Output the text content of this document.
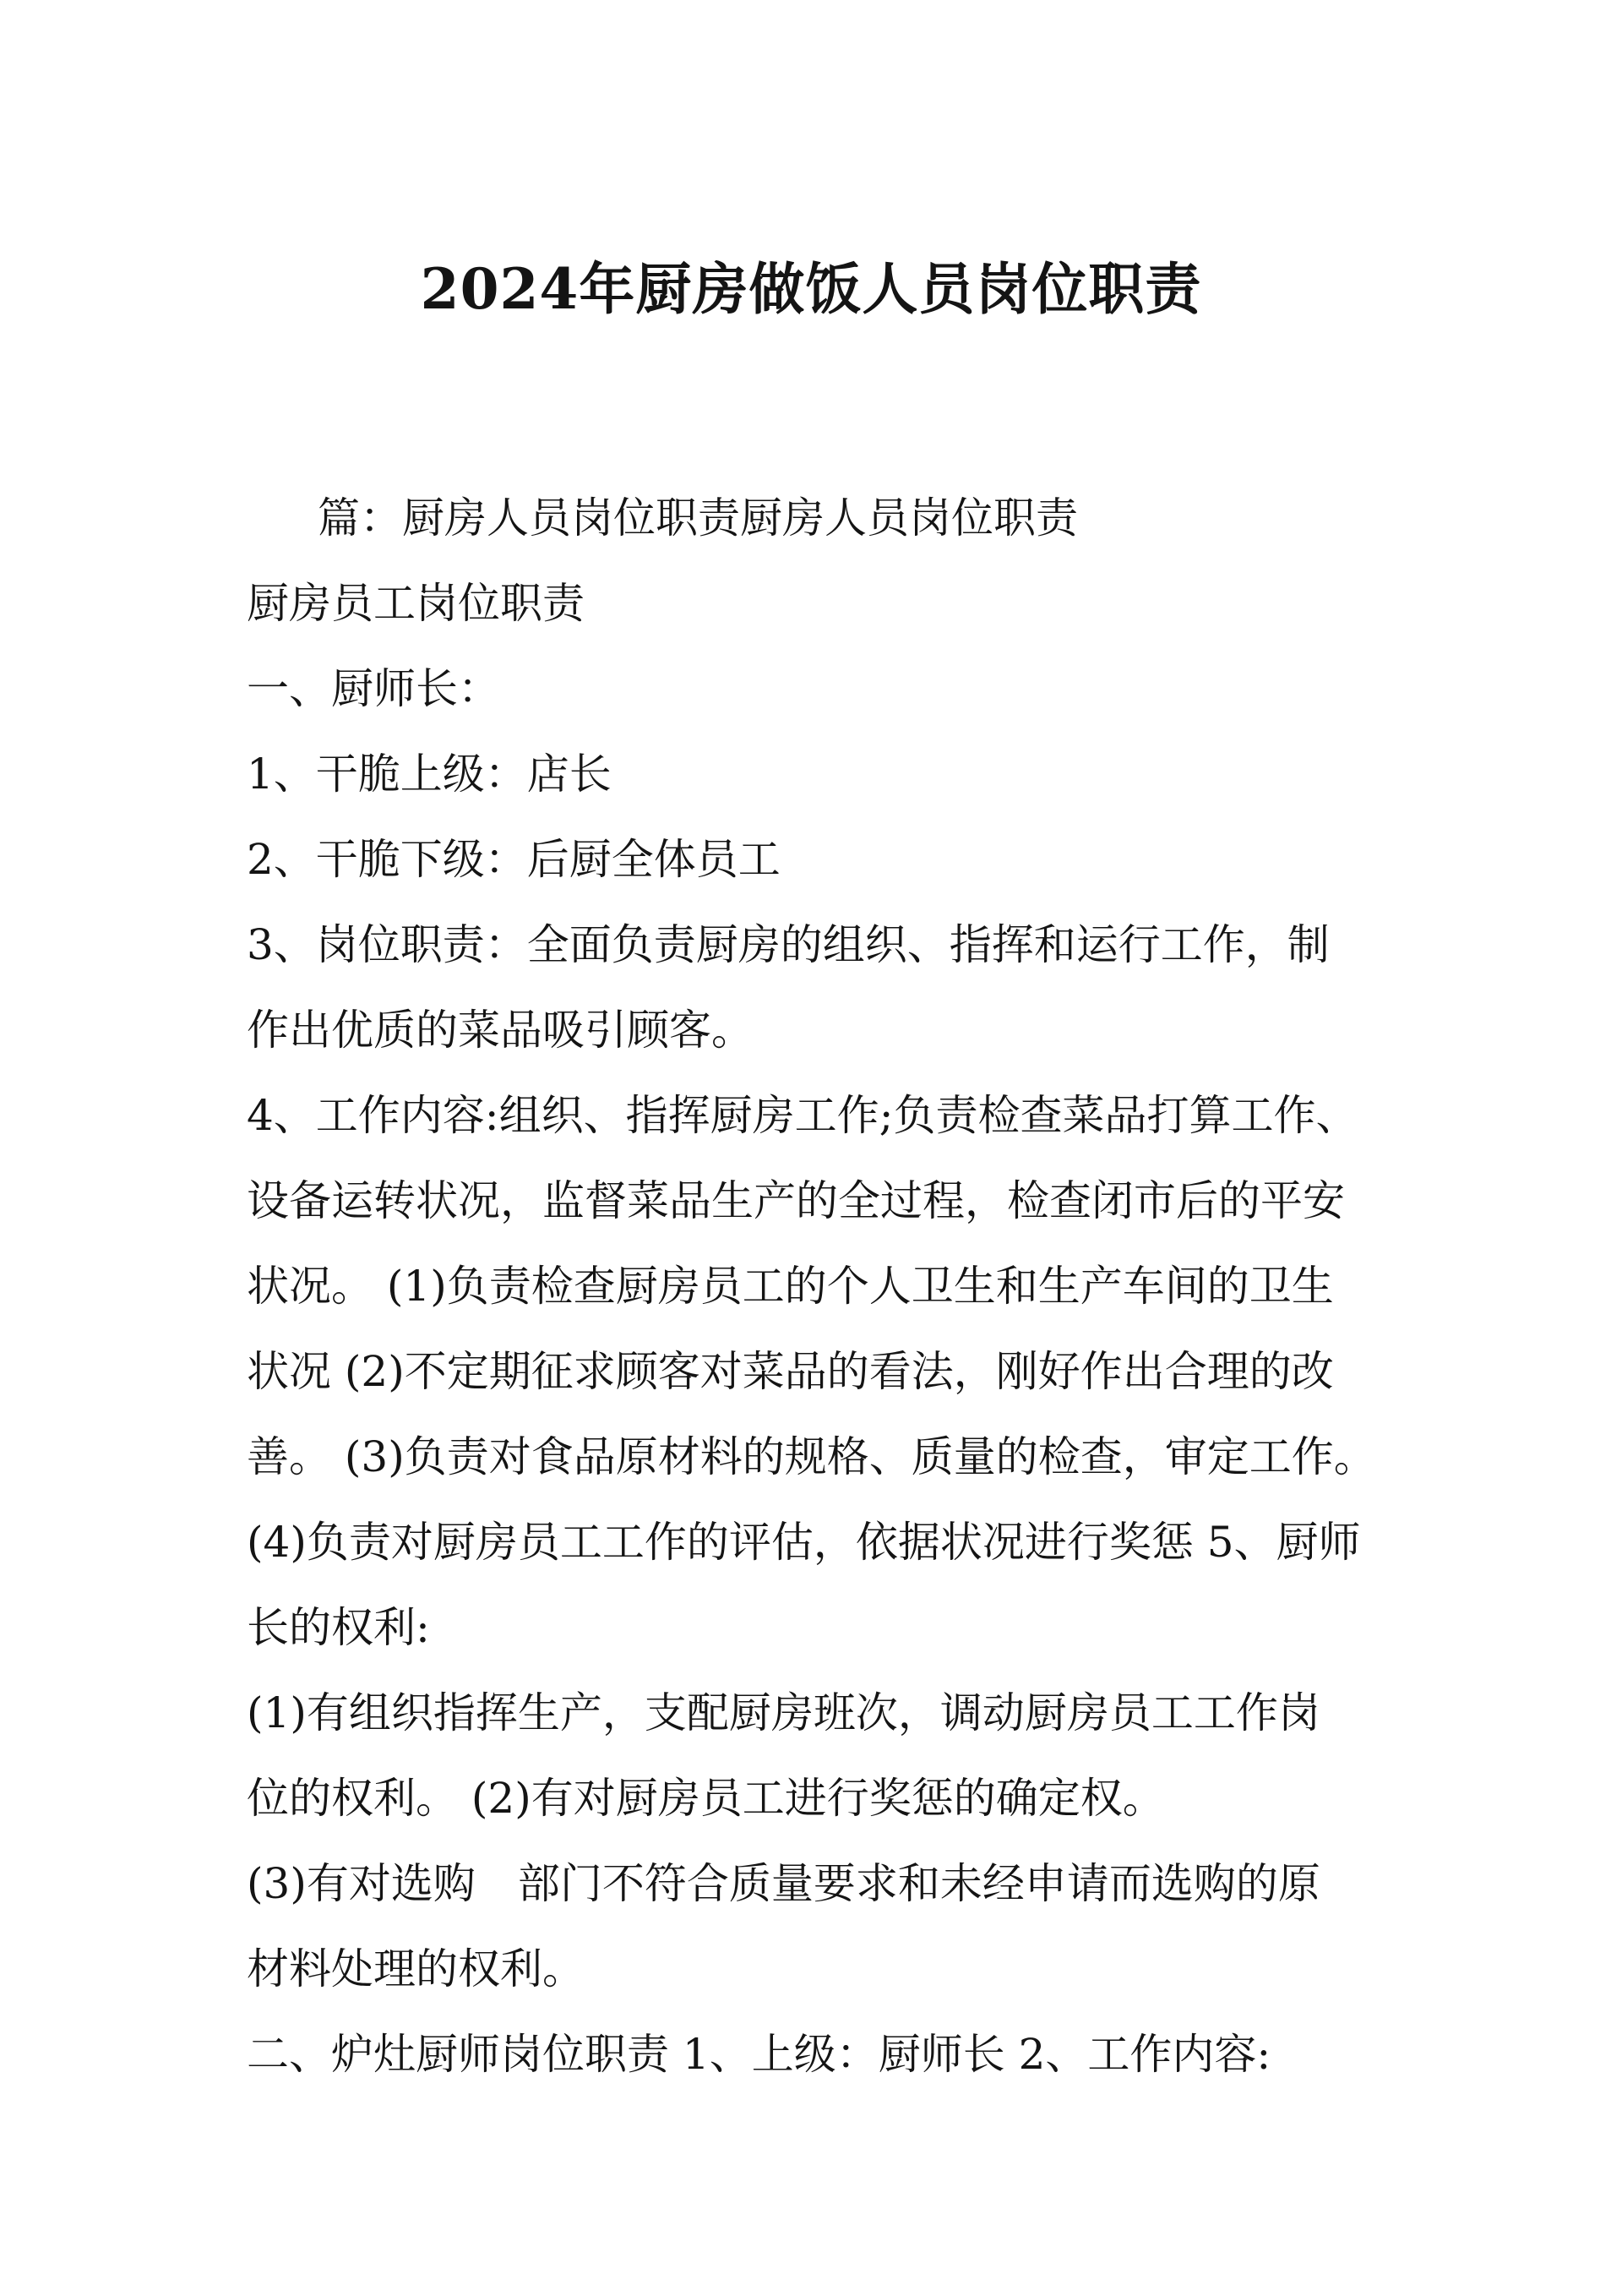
2024年厨房做饭人员岗位职责
篇：厨房人员岗位职责厨房人员岗位职责
厨房员工岗位职责
一、厨师长：
1、干脆上级：店长
2、干脆下级：后厨全体员工
3、岗位职责：全面负责厨房的组织、指挥和运行工作，制
作出优质的菜品吸引顾客。
4、工作内容:组织、指挥厨房工作;负责检查菜品打算工作、
设备运转状况，监督菜品生产的全过程，检查闭市后的平安
状况。 (1)负责检查厨房员工的个人卫生和生产车间的卫生
状况 (2)不定期征求顾客对菜品的看法，刚好作出合理的改
善。 (3)负责对食品原材料的规格、质量的检查，审定工作。
(4)负责对厨房员工工作的评估，依据状况进行奖惩 5、厨师
长的权利:
(1)有组织指挥生产，支配厨房班次，调动厨房员工工作岗
位的权利。 (2)有对厨房员工进行奖惩的确定权。
(3)有对选购　部门不符合质量要求和未经申请而选购的原
材料处理的权利。
二、炉灶厨师岗位职责 1、上级：厨师长 2、工作内容:
